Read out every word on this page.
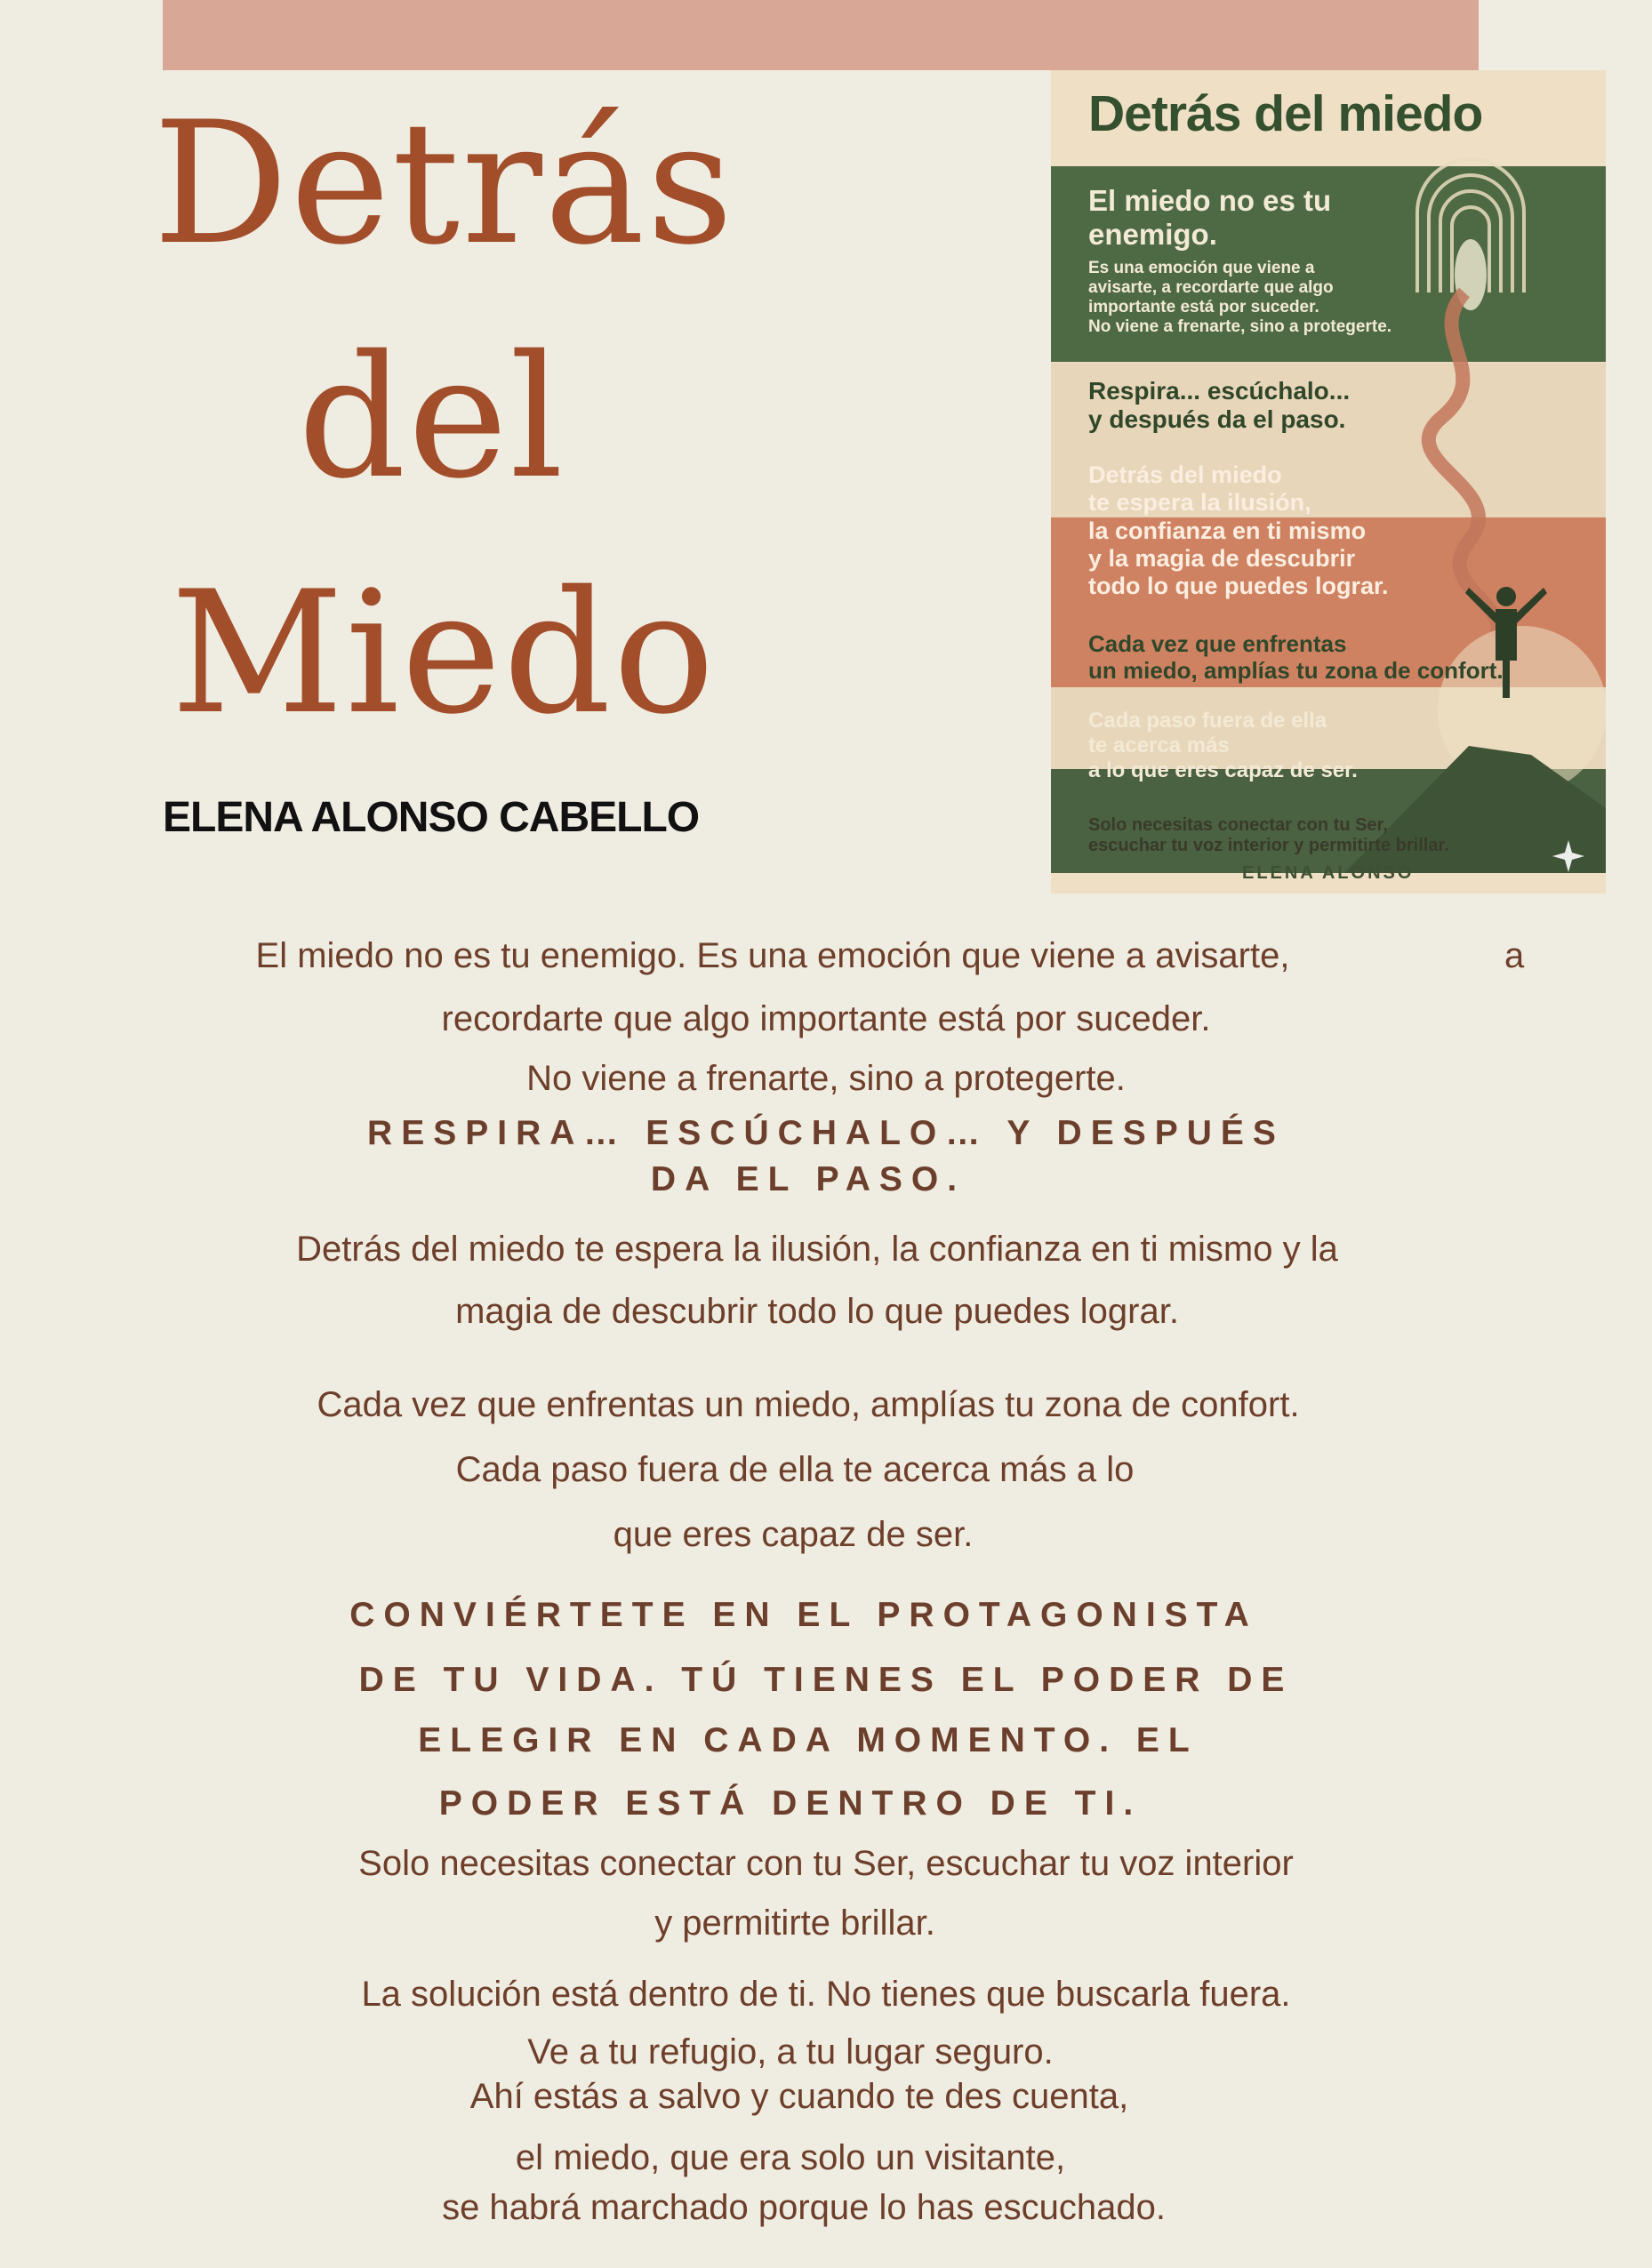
Detrás
del
Miedo
ELENA ALONSO CABELLO
Detrás del miedo
El miedo no es tu
enemigo.
Es una emoción que viene a
avisarte, a recordarte que algo
importante está por suceder.
No viene a frenarte, sino a protegerte.
Respira... escúchalo...
y después da el paso.
Detrás del miedo
te espera la ilusión,
la confianza en ti mismo
y la magia de descubrir
todo lo que puedes lograr.
Cada vez que enfrentas
un miedo, amplías tu zona de confort.
Cada paso fuera de ella
te acerca más
a lo que eres capaz de ser.
Solo necesitas conectar con tu Ser,
escuchar tu voz interior y permitirte brillar.
ELENA ALONSO
El miedo no es tu enemigo. Es una emoción que viene a avisarte,	a
recordarte que algo importante está por suceder.
No viene a frenarte, sino a protegerte.
RESPIRA… ESCÚCHALO… Y DESPUÉS
DA EL PASO.
Detrás del miedo te espera la ilusión, la confianza en ti mismo y la
magia de descubrir todo lo que puedes lograr.
Cada vez que enfrentas un miedo, amplías tu zona de confort.
Cada paso fuera de ella te acerca más a lo
que eres capaz de ser.
CONVIÉRTETE EN EL PROTAGONISTA
DE TU VIDA. TÚ TIENES EL PODER DE
ELEGIR EN CADA MOMENTO. EL
PODER ESTÁ DENTRO DE TI.
Solo necesitas conectar con tu Ser, escuchar tu voz interior
y permitirte brillar.
La solución está dentro de ti. No tienes que buscarla fuera.
Ve a tu refugio, a tu lugar seguro.
Ahí estás a salvo y cuando te des cuenta,
el miedo, que era solo un visitante,
se habrá marchado porque lo has escuchado.
